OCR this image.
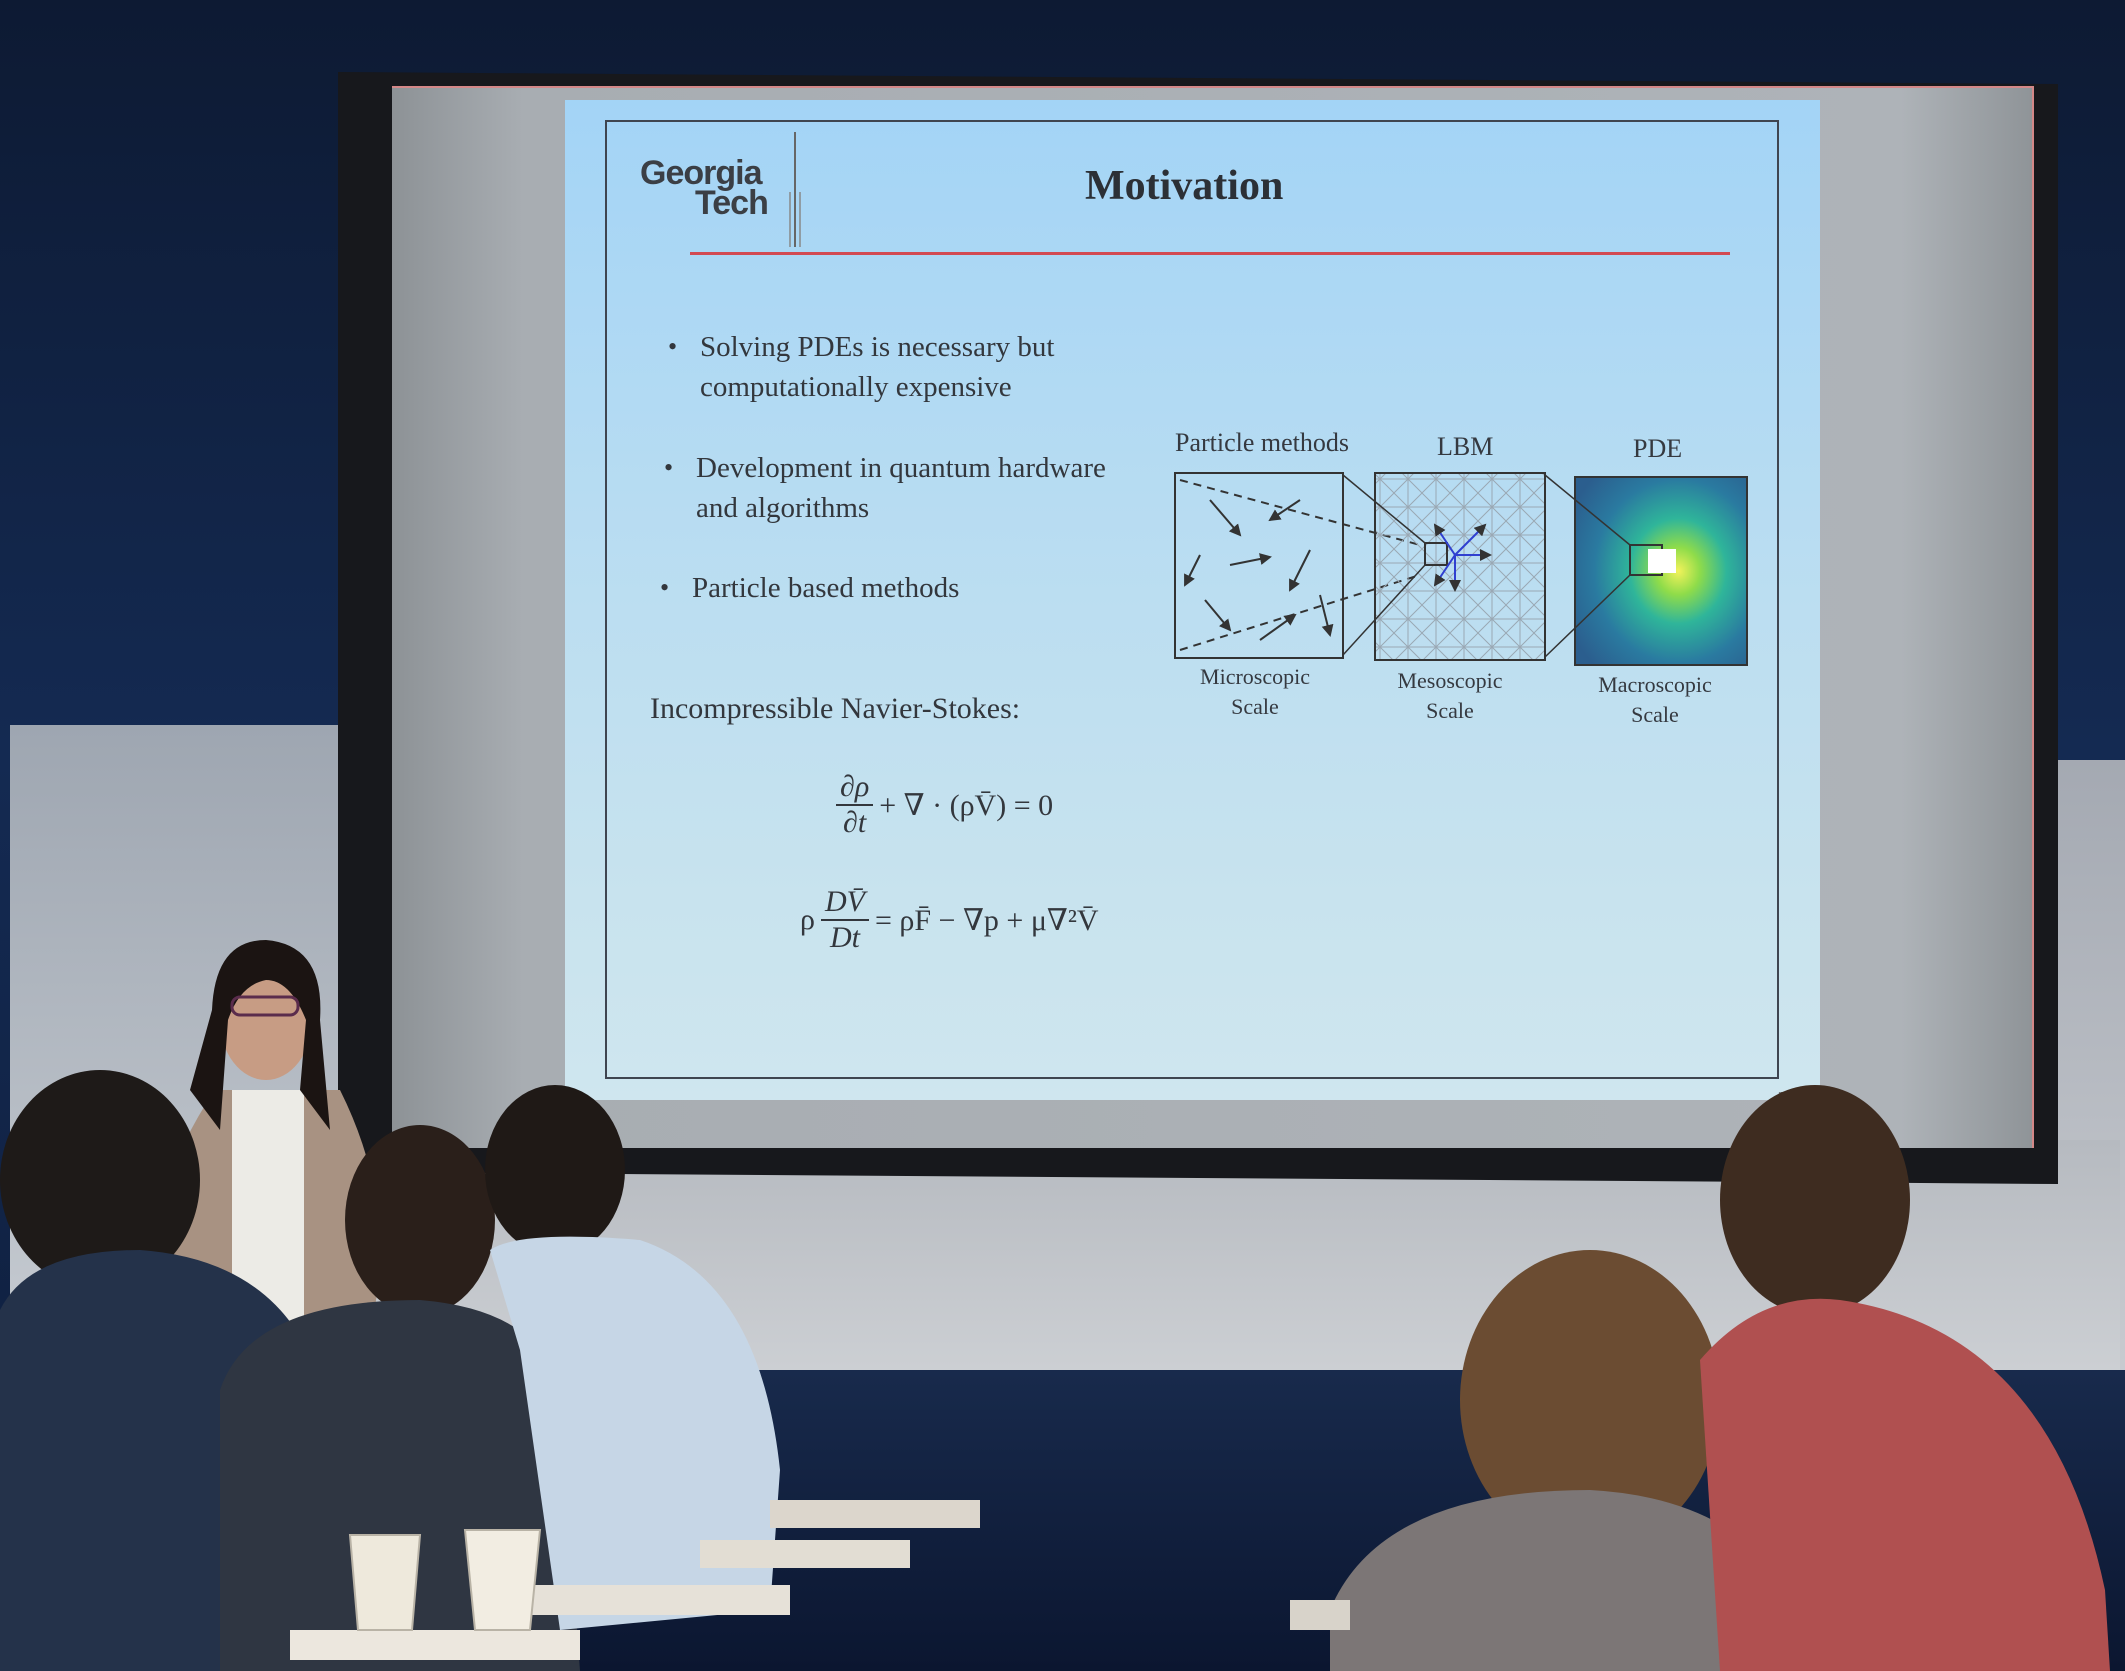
Georgia
Tech	Motivation
• Solving PDEs is necessary but
computationally expensive
• Development in quantum hardware
and algorithms
• Particle based methods
Incompressible Navier-Stokes:
$\frac{\partial\rho}{\partial t}$ + ∇ · (ρV̄) = 0
ρ $\frac{DV̄}{Dt}$ = ρF̄ − ∇p + μ∇²V̄
Particle methods	LBM	PDE
Microscopic
Scale
Mesoscopic
Scale
Macroscopic
Scale
